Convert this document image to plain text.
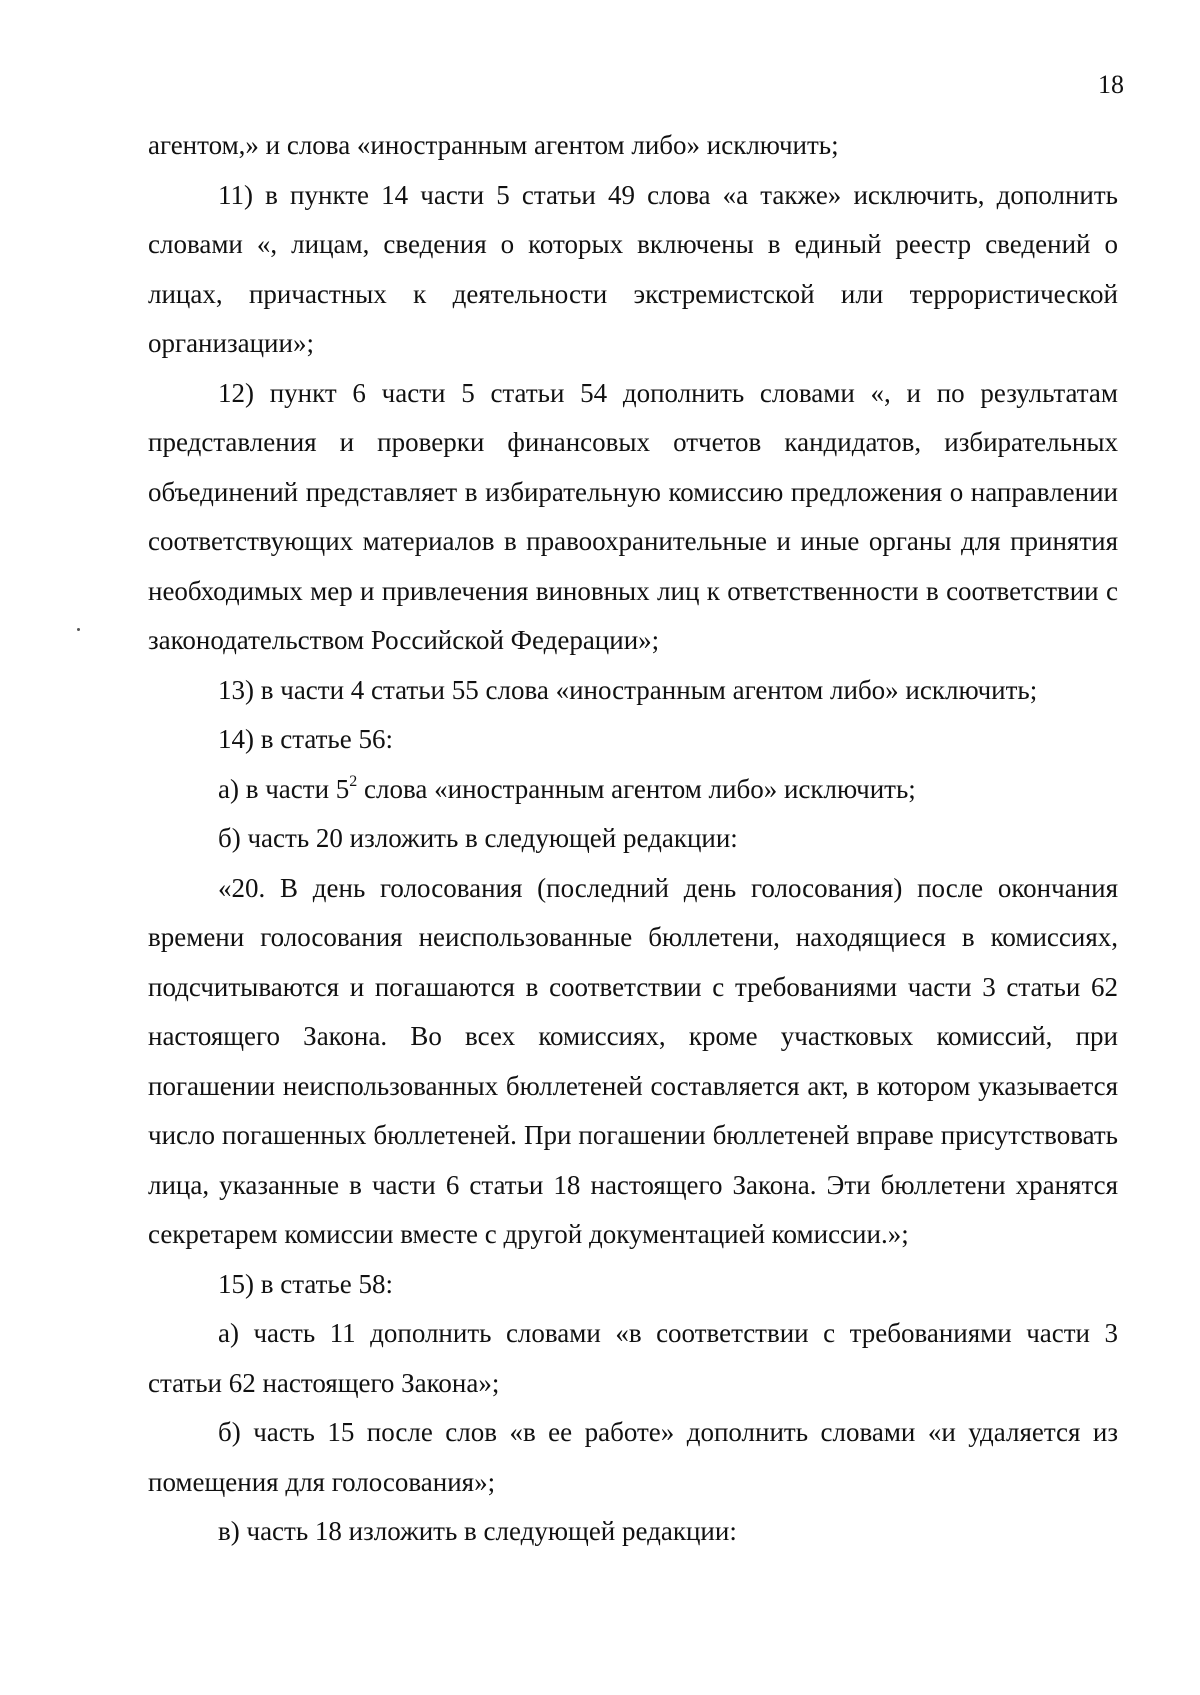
18

агентом,» и слова «иностранным агентом либо» исключить;

11) в пункте 14 части 5 статьи 49 слова «а также» исключить, дополнить словами «, лицам, сведения о которых включены в единый реестр сведений о лицах, причастных к деятельности экстремистской или террористической организации»;

12) пункт 6 части 5 статьи 54 дополнить словами «, и по результатам представления и проверки финансовых отчетов кандидатов, избирательных объединений представляет в избирательную комиссию предложения о направлении соответствующих материалов в правоохранительные и иные органы для принятия необходимых мер и привлечения виновных лиц к ответственности в соответствии с законодательством Российской Федерации»;

13) в части 4 статьи 55 слова «иностранным агентом либо» исключить;

14) в статье 56:

а) в части $5^2$ слова «иностранным агентом либо» исключить;

б) часть 20 изложить в следующей редакции:

«20. В день голосования (последний день голосования) после окончания времени голосования неиспользованные бюллетени, находящиеся в комиссиях, подсчитываются и погашаются в соответствии с требованиями части 3 статьи 62 настоящего Закона. Во всех комиссиях, кроме участковых комиссий, при погашении неиспользованных бюллетеней составляется акт, в котором указывается число погашенных бюллетеней. При погашении бюллетеней вправе присутствовать лица, указанные в части 6 статьи 18 настоящего Закона. Эти бюллетени хранятся секретарем комиссии вместе с другой документацией комиссии.»;

15) в статье 58:

а) часть 11 дополнить словами «в соответствии с требованиями части 3 статьи 62 настоящего Закона»;

б) часть 15 после слов «в ее работе» дополнить словами «и удаляется из помещения для голосования»;

в) часть 18 изложить в следующей редакции:
